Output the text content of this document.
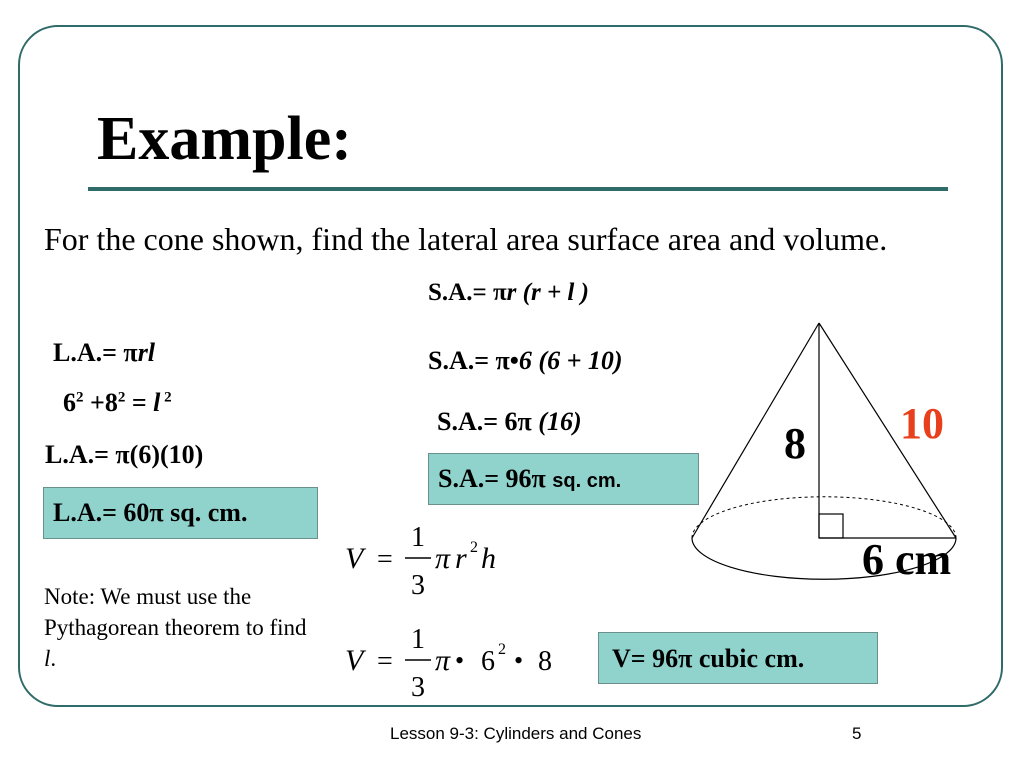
Example:

For the cone shown, find the lateral area surface area and volume.

L.A.= πrl
$6^2 +8^2 = l$ $^2$
L.A.= π(6)(10)
L.A.= 60π sq. cm.

Note: We must use the Pythagorean theorem to find l.

S.A.= πr (r + l )
S.A.= π•6 (6 + 10)
S.A.= 6π (16)
S.A.= 96π sq. cm.
V =
1
3
π r 2 h
V =
1
3
π • 6 2 • 8	V= 96π cubic cm.
8 10
6 cm
Lesson 9-3: Cylinders and Cones	5
